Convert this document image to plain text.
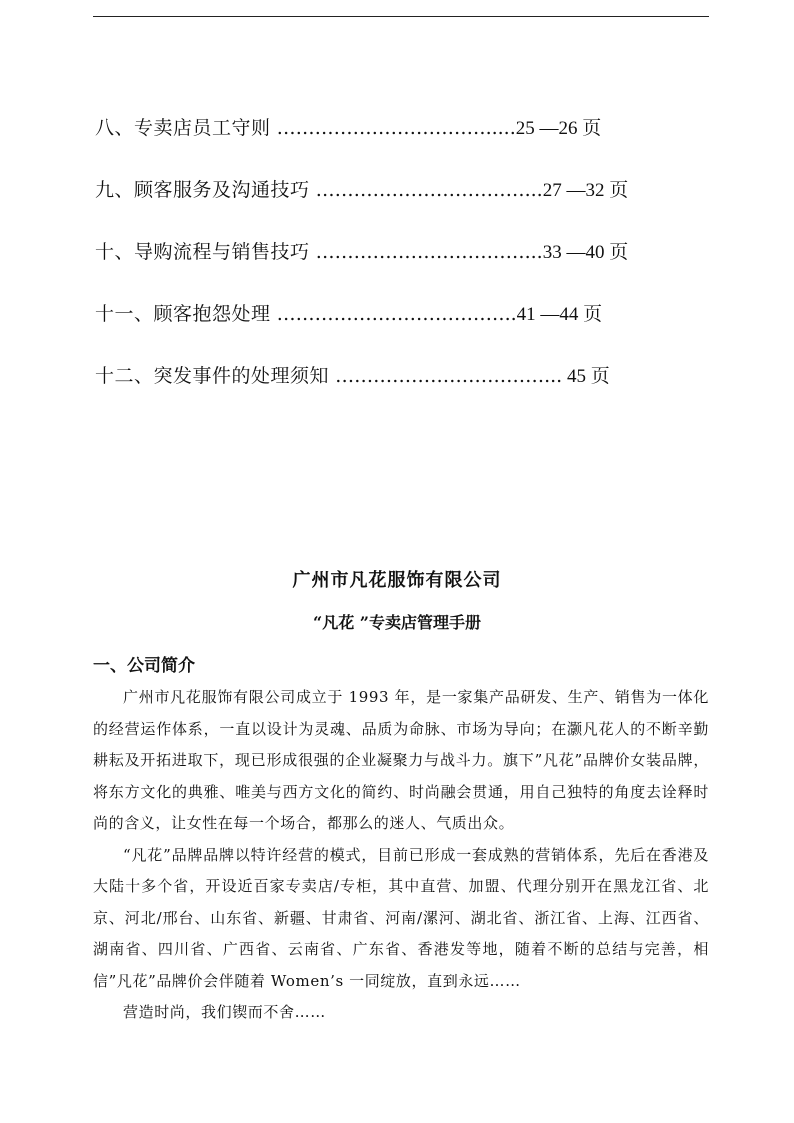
八、专卖店员工守则 …………………………….....25 —26 页
九、顾客服务及沟通技巧 ……………………………...27 —32 页
十、导购流程与销售技巧 ……………………………...33 —40 页
十一、顾客抱怨处理 ………………………………..41 —44 页
十二、突发事件的处理须知 ……………………………... 45 页
广州市凡花服饰有限公司
“凡花 ”专卖店管理手册
一、公司简介

广州市凡花服饰有限公司成立于 1993 年，是一家集产品研发、生产、销售为一体化的经营运作体系，一直以设计为灵魂、品质为命脉、市场为导向；在灏凡花人的不断辛勤耕耘及开拓进取下，现已形成很强的企业凝聚力与战斗力。旗下”凡花”品牌价女装品牌，将东方文化的典雅、唯美与西方文化的简约、时尚融会贯通，用自己独特的角度去诠释时尚的含义，让女性在每一个场合，都那么的迷人、气质出众。

“凡花”品牌品牌以特许经营的模式，目前已形成一套成熟的营销体系，先后在香港及大陆十多个省，开设近百家专卖店/专柜，其中直营、加盟、代理分别开在黑龙江省、北京、河北/邢台、山东省、新疆、甘肃省、河南/漯河、湖北省、浙江省、上海、江西省、湖南省、四川省、广西省、云南省、广东省、香港发等地，随着不断的总结与完善，相信”凡花”品牌价会伴随着 Women’s 一同绽放，直到永远……

营造时尚，我们锲而不舍……
